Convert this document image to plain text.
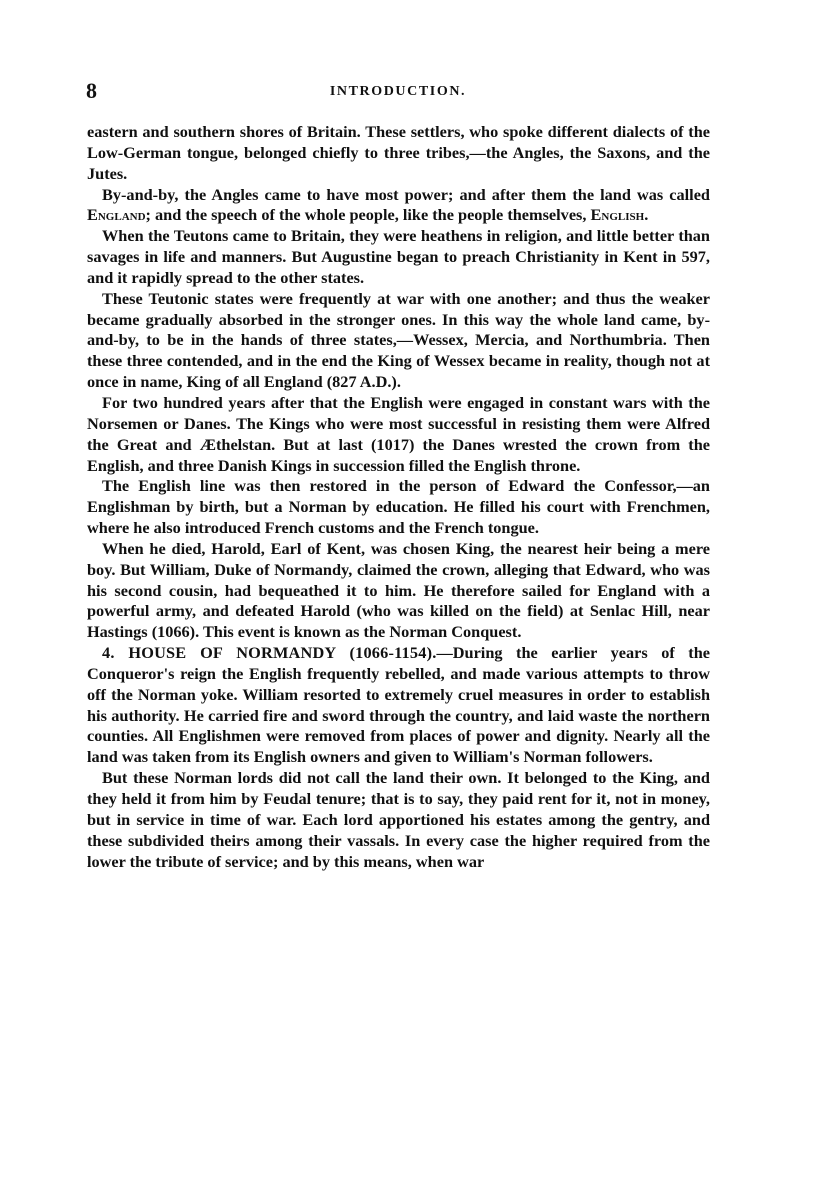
8	INTRODUCTION.

eastern and southern shores of Britain. These settlers, who spoke different dialects of the Low-German tongue, belonged chiefly to three tribes,—the Angles, the Saxons, and the Jutes.

By-and-by, the Angles came to have most power; and after them the land was called England; and the speech of the whole people, like the people themselves, English.

When the Teutons came to Britain, they were heathens in religion, and little better than savages in life and manners. But Augustine began to preach Christianity in Kent in 597, and it rapidly spread to the other states.

These Teutonic states were frequently at war with one another; and thus the weaker became gradually absorbed in the stronger ones. In this way the whole land came, by-and-by, to be in the hands of three states,—Wessex, Mercia, and Northumbria. Then these three contended, and in the end the King of Wessex became in reality, though not at once in name, King of all England (827 A.D.).

For two hundred years after that the English were engaged in constant wars with the Norsemen or Danes. The Kings who were most successful in resisting them were Alfred the Great and Æthelstan. But at last (1017) the Danes wrested the crown from the English, and three Danish Kings in succession filled the English throne.

The English line was then restored in the person of Edward the Confessor,—an Englishman by birth, but a Norman by education. He filled his court with Frenchmen, where he also introduced French customs and the French tongue.

When he died, Harold, Earl of Kent, was chosen King, the nearest heir being a mere boy. But William, Duke of Normandy, claimed the crown, alleging that Edward, who was his second cousin, had bequeathed it to him. He therefore sailed for England with a powerful army, and defeated Harold (who was killed on the field) at Senlac Hill, near Hastings (1066). This event is known as the Norman Conquest.

4. HOUSE OF NORMANDY (1066-1154).—During the earlier years of the Conqueror's reign the English frequently rebelled, and made various attempts to throw off the Norman yoke. William resorted to extremely cruel measures in order to establish his authority. He carried fire and sword through the country, and laid waste the northern counties. All Englishmen were removed from places of power and dignity. Nearly all the land was taken from its English owners and given to William's Norman followers.

But these Norman lords did not call the land their own. It belonged to the King, and they held it from him by Feudal tenure; that is to say, they paid rent for it, not in money, but in service in time of war. Each lord apportioned his estates among the gentry, and these subdivided theirs among their vassals. In every case the higher required from the lower the tribute of service; and by this means, when war
